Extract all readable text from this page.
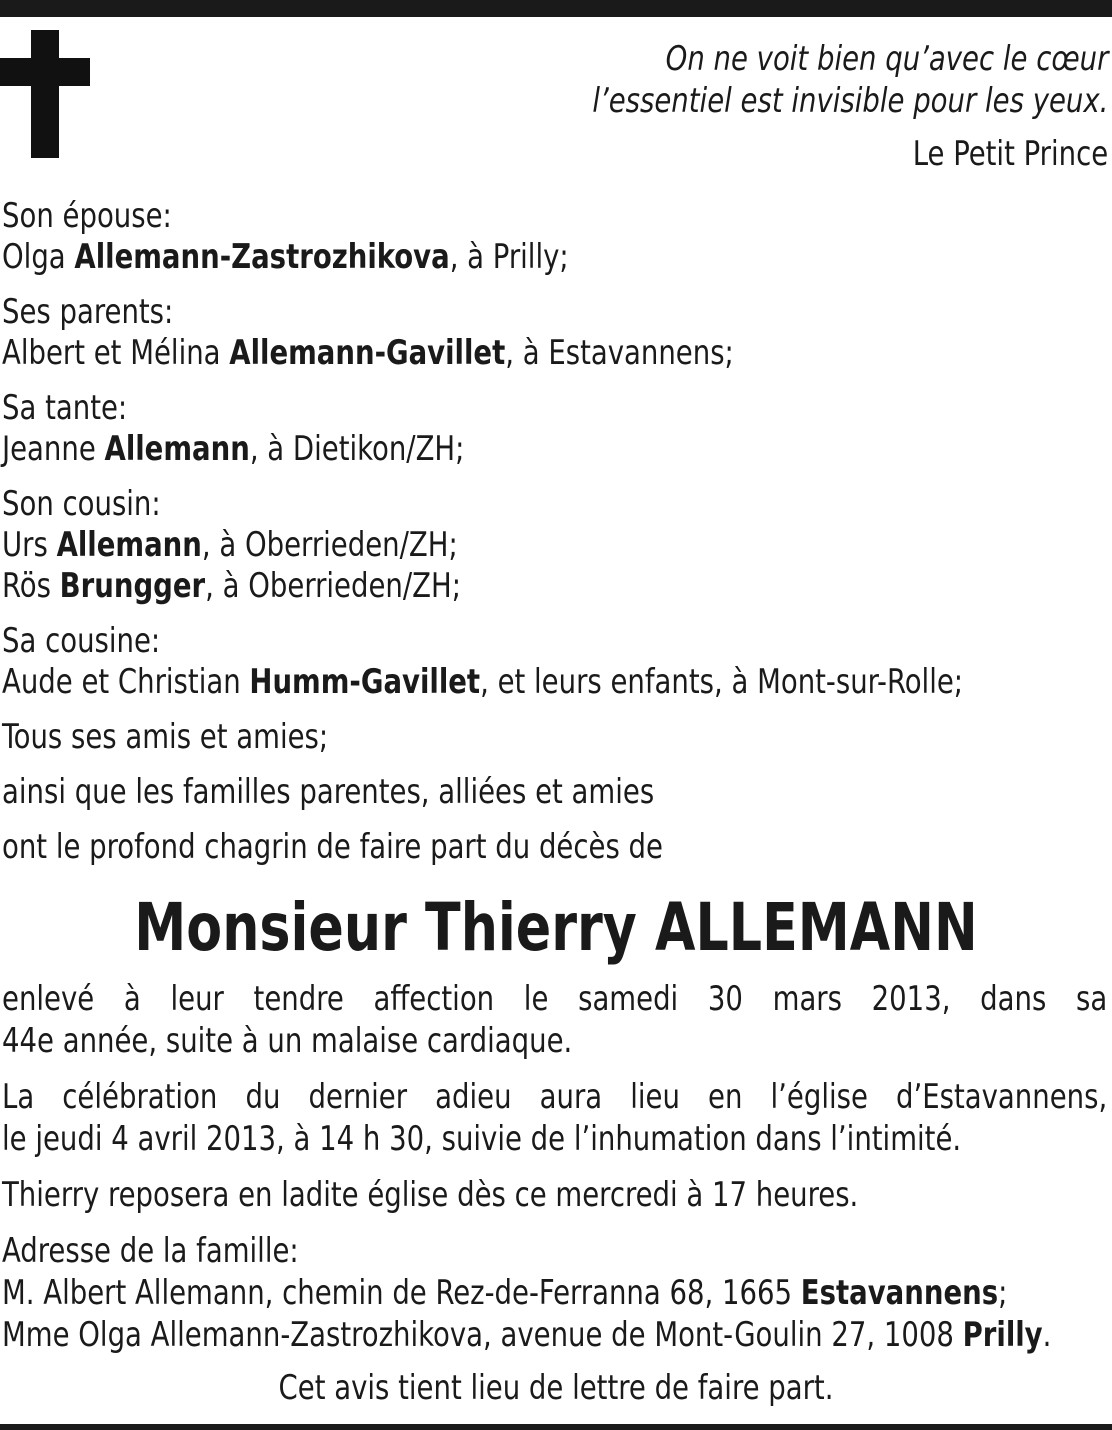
On ne voit bien qu’avec le cœur
l’essentiel est invisible pour les yeux.
Le Petit Prince

Son épouse:
Olga Allemann-Zastrozhikova, à Prilly;

Ses parents:
Albert et Mélina Allemann-Gavillet, à Estavannens;

Sa tante:
Jeanne Allemann, à Dietikon/ZH;

Son cousin:
Urs Allemann, à Oberrieden/ZH;
Rös Brungger, à Oberrieden/ZH;

Sa cousine:
Aude et Christian Humm-Gavillet, et leurs enfants, à Mont-sur-Rolle;

Tous ses amis et amies;

ainsi que les familles parentes, alliées et amies

ont le profond chagrin de faire part du décès de

Monsieur Thierry ALLEMANN

enlevé à leur tendre affection le samedi 30 mars 2013, dans sa
44e année, suite à un malaise cardiaque.

La célébration du dernier adieu aura lieu en l’église d’Estavannens,
le jeudi 4 avril 2013, à 14 h 30, suivie de l’inhumation dans l’intimité.

Thierry reposera en ladite église dès ce mercredi à 17 heures.

Adresse de la famille:
M. Albert Allemann, chemin de Rez-de-Ferranna 68, 1665 Estavannens;
Mme Olga Allemann-Zastrozhikova, avenue de Mont-Goulin 27, 1008 Prilly.

Cet avis tient lieu de lettre de faire part.
